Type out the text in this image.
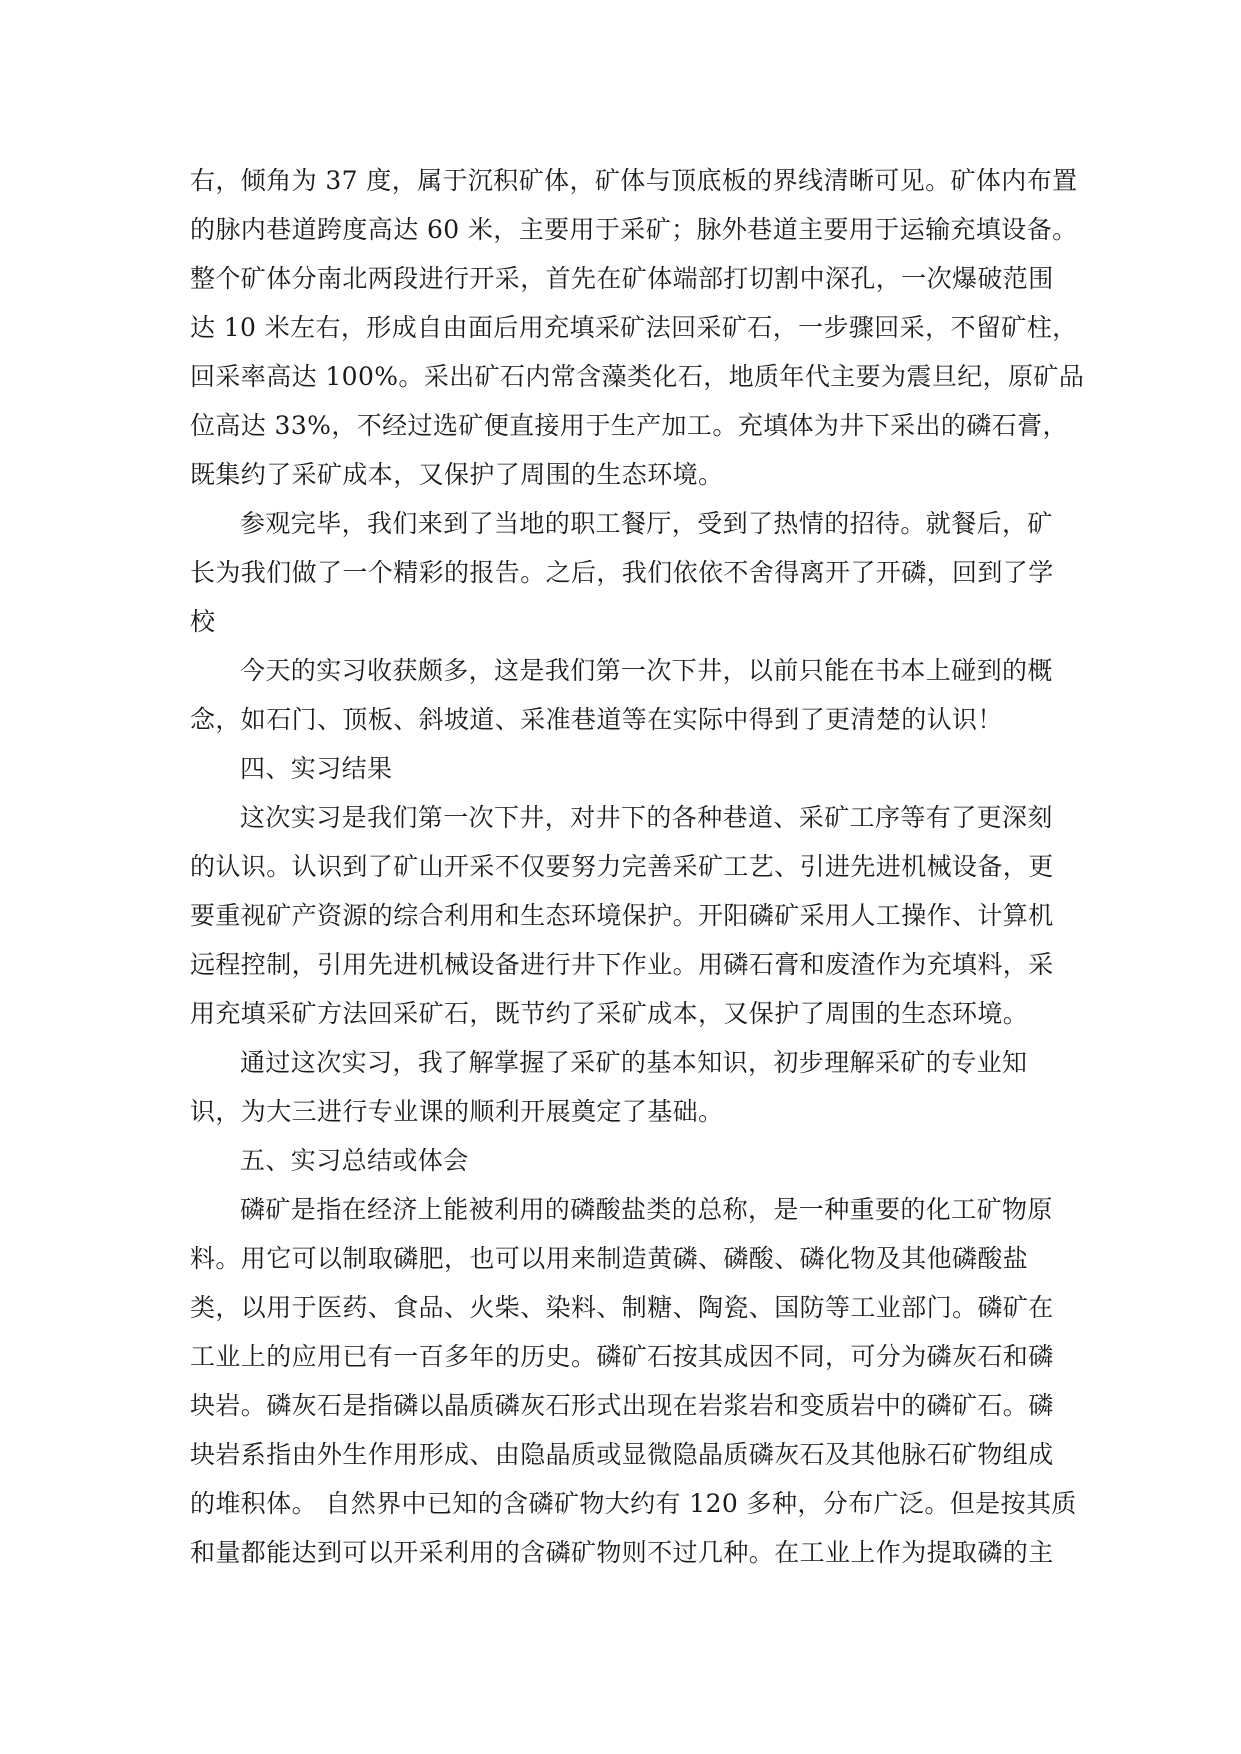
右，倾角为 37 度，属于沉积矿体，矿体与顶底板的界线清晰可见。矿体内布置
的脉内巷道跨度高达 60 米，主要用于采矿；脉外巷道主要用于运输充填设备。
整个矿体分南北两段进行开采，首先在矿体端部打切割中深孔，一次爆破范围
达 10 米左右，形成自由面后用充填采矿法回采矿石，一步骤回采，不留矿柱，
回采率高达 100%。采出矿石内常含藻类化石，地质年代主要为震旦纪，原矿品
位高达 33%，不经过选矿便直接用于生产加工。充填体为井下采出的磷石膏，
既集约了采矿成本，又保护了周围的生态环境。
参观完毕，我们来到了当地的职工餐厅，受到了热情的招待。就餐后，矿
长为我们做了一个精彩的报告。之后，我们依依不舍得离开了开磷，回到了学
校
今天的实习收获颇多，这是我们第一次下井，以前只能在书本上碰到的概
念，如石门、顶板、斜坡道、采准巷道等在实际中得到了更清楚的认识！
四、实习结果
这次实习是我们第一次下井，对井下的各种巷道、采矿工序等有了更深刻
的认识。认识到了矿山开采不仅要努力完善采矿工艺、引进先进机械设备，更
要重视矿产资源的综合利用和生态环境保护。开阳磷矿采用人工操作、计算机
远程控制，引用先进机械设备进行井下作业。用磷石膏和废渣作为充填料，采
用充填采矿方法回采矿石，既节约了采矿成本，又保护了周围的生态环境。
通过这次实习，我了解掌握了采矿的基本知识，初步理解采矿的专业知
识，为大三进行专业课的顺利开展奠定了基础。
五、实习总结或体会
磷矿是指在经济上能被利用的磷酸盐类的总称，是一种重要的化工矿物原
料。用它可以制取磷肥，也可以用来制造黄磷、磷酸、磷化物及其他磷酸盐
类，以用于医药、食品、火柴、染料、制糖、陶瓷、国防等工业部门。磷矿在
工业上的应用已有一百多年的历史。磷矿石按其成因不同，可分为磷灰石和磷
块岩。磷灰石是指磷以晶质磷灰石形式出现在岩浆岩和变质岩中的磷矿石。磷
块岩系指由外生作用形成、由隐晶质或显微隐晶质磷灰石及其他脉石矿物组成
的堆积体。 自然界中已知的含磷矿物大约有 120 多种，分布广泛。但是按其质
和量都能达到可以开采利用的含磷矿物则不过几种。在工业上作为提取磷的主
